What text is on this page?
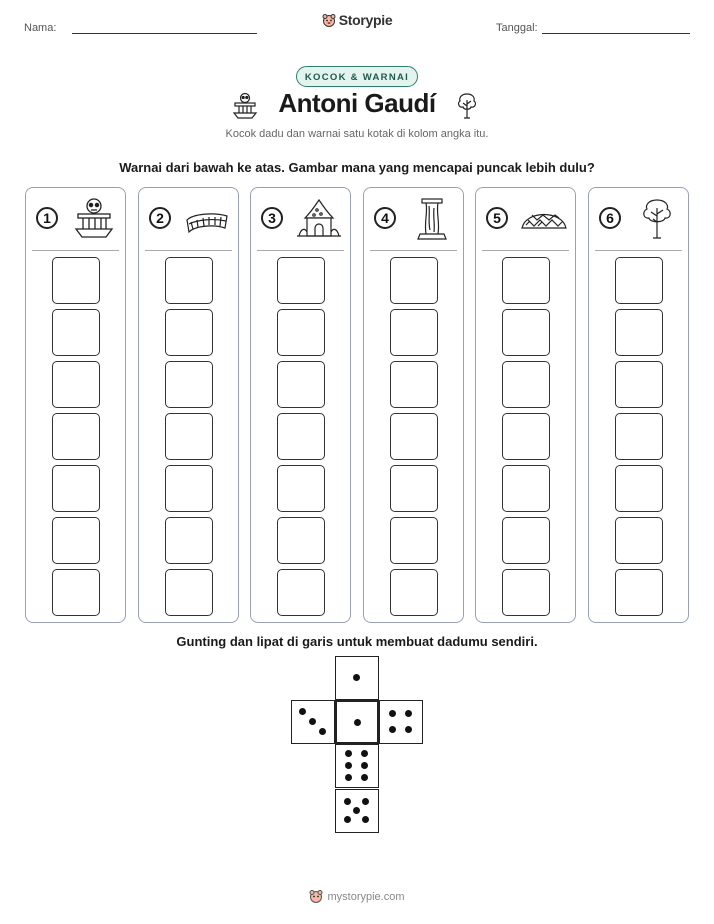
Nama:	Storypie	Tanggal:
KOCOK & WARNAI
Antoni Gaudí
Kocok dadu dan warnai satu kotak di kolom angka itu.
Warnai dari bawah ke atas. Gambar mana yang mencapai puncak lebih dulu?
1	2	3	4	5	6
Gunting dan lipat di garis untuk membuat dadumu sendiri.
mystorypie.com
